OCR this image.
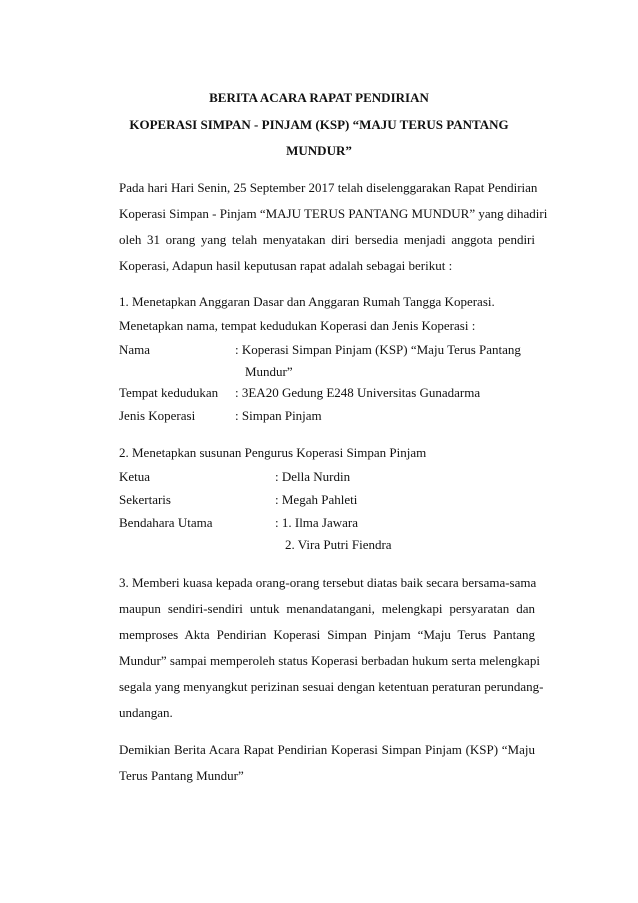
BERITA ACARA RAPAT PENDIRIAN
KOPERASI SIMPAN - PINJAM (KSP) “MAJU TERUS PANTANG
MUNDUR”
Pada hari Hari Senin, 25 September 2017 telah diselenggarakan Rapat Pendirian
Koperasi Simpan - Pinjam “MAJU TERUS PANTANG MUNDUR” yang dihadiri
oleh 31 orang yang telah menyatakan diri bersedia menjadi anggota pendiri
Koperasi, Adapun hasil keputusan rapat adalah sebagai berikut :
1. Menetapkan Anggaran Dasar dan Anggaran Rumah Tangga Koperasi.
Menetapkan nama, tempat kedudukan Koperasi dan Jenis Koperasi :
Nama	: Koperasi Simpan Pinjam (KSP) “Maju Terus Pantang
Mundur”
Tempat kedudukan : 3EA20 Gedung E248 Universitas Gunadarma
Jenis Koperasi	: Simpan Pinjam
2. Menetapkan susunan Pengurus Koperasi Simpan Pinjam
Ketua	: Della Nurdin
Sekertaris	: Megah Pahleti
Bendahara Utama	: 1. Ilma Jawara
2. Vira Putri Fiendra
3. Memberi kuasa kepada orang-orang tersebut diatas baik secara bersama-sama
maupun sendiri-sendiri untuk menandatangani, melengkapi persyaratan dan
memproses Akta Pendirian Koperasi Simpan Pinjam “Maju Terus Pantang
Mundur” sampai memperoleh status Koperasi berbadan hukum serta melengkapi
segala yang menyangkut perizinan sesuai dengan ketentuan peraturan perundang-
undangan.
Demikian Berita Acara Rapat Pendirian Koperasi Simpan Pinjam (KSP) “Maju
Terus Pantang Mundur”
